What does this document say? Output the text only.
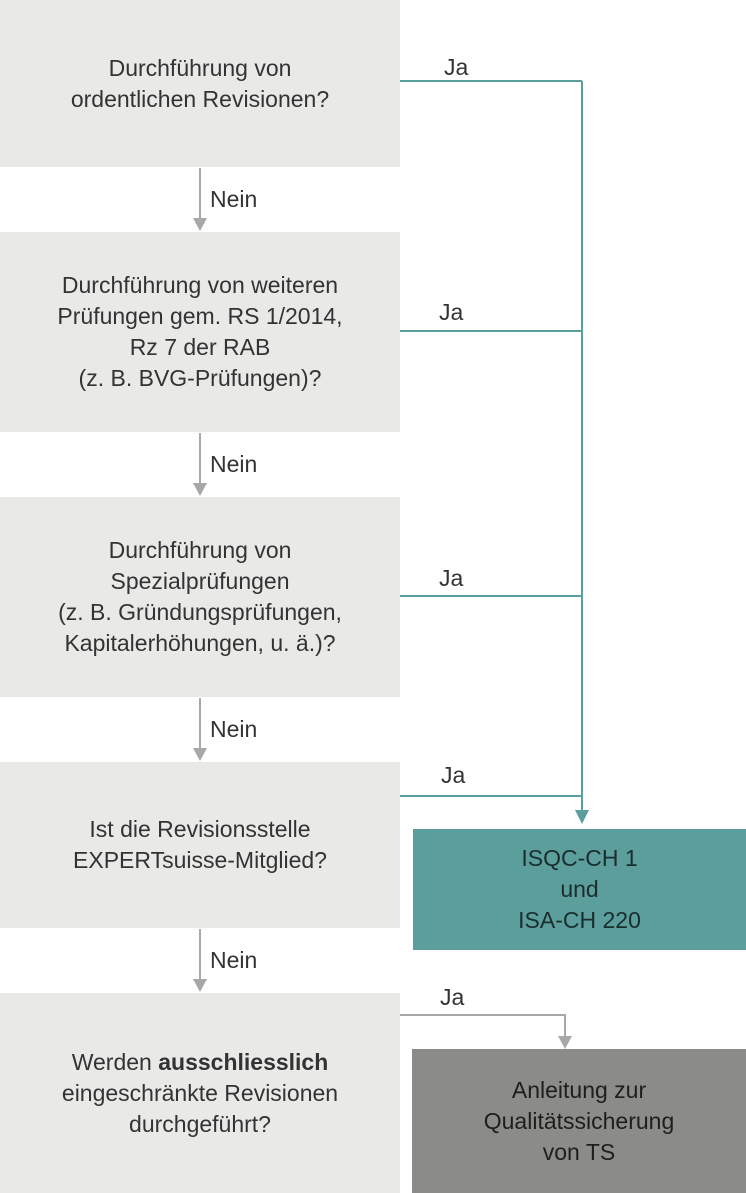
Durchführung von
ordentlichen Revisionen?
Durchführung von weiteren
Prüfungen gem. RS 1/2014,
Rz 7 der RAB
(z. B. BVG-Prüfungen)?
Durchführung von
Spezialprüfungen
(z. B. Gründungsprüfungen,
Kapitalerhöhungen, u. ä.)?
Ist die Revisionsstelle
EXPERTsuisse-Mitglied?
Werden ausschliesslich
eingeschränkte Revisionen
durchgeführt?
ISQC-CH 1
und
ISA-CH 220
Anleitung zur
Qualitätssicherung
von TS
Ja
Ja
Ja
Ja
Ja
Nein
Nein
Nein
Nein
